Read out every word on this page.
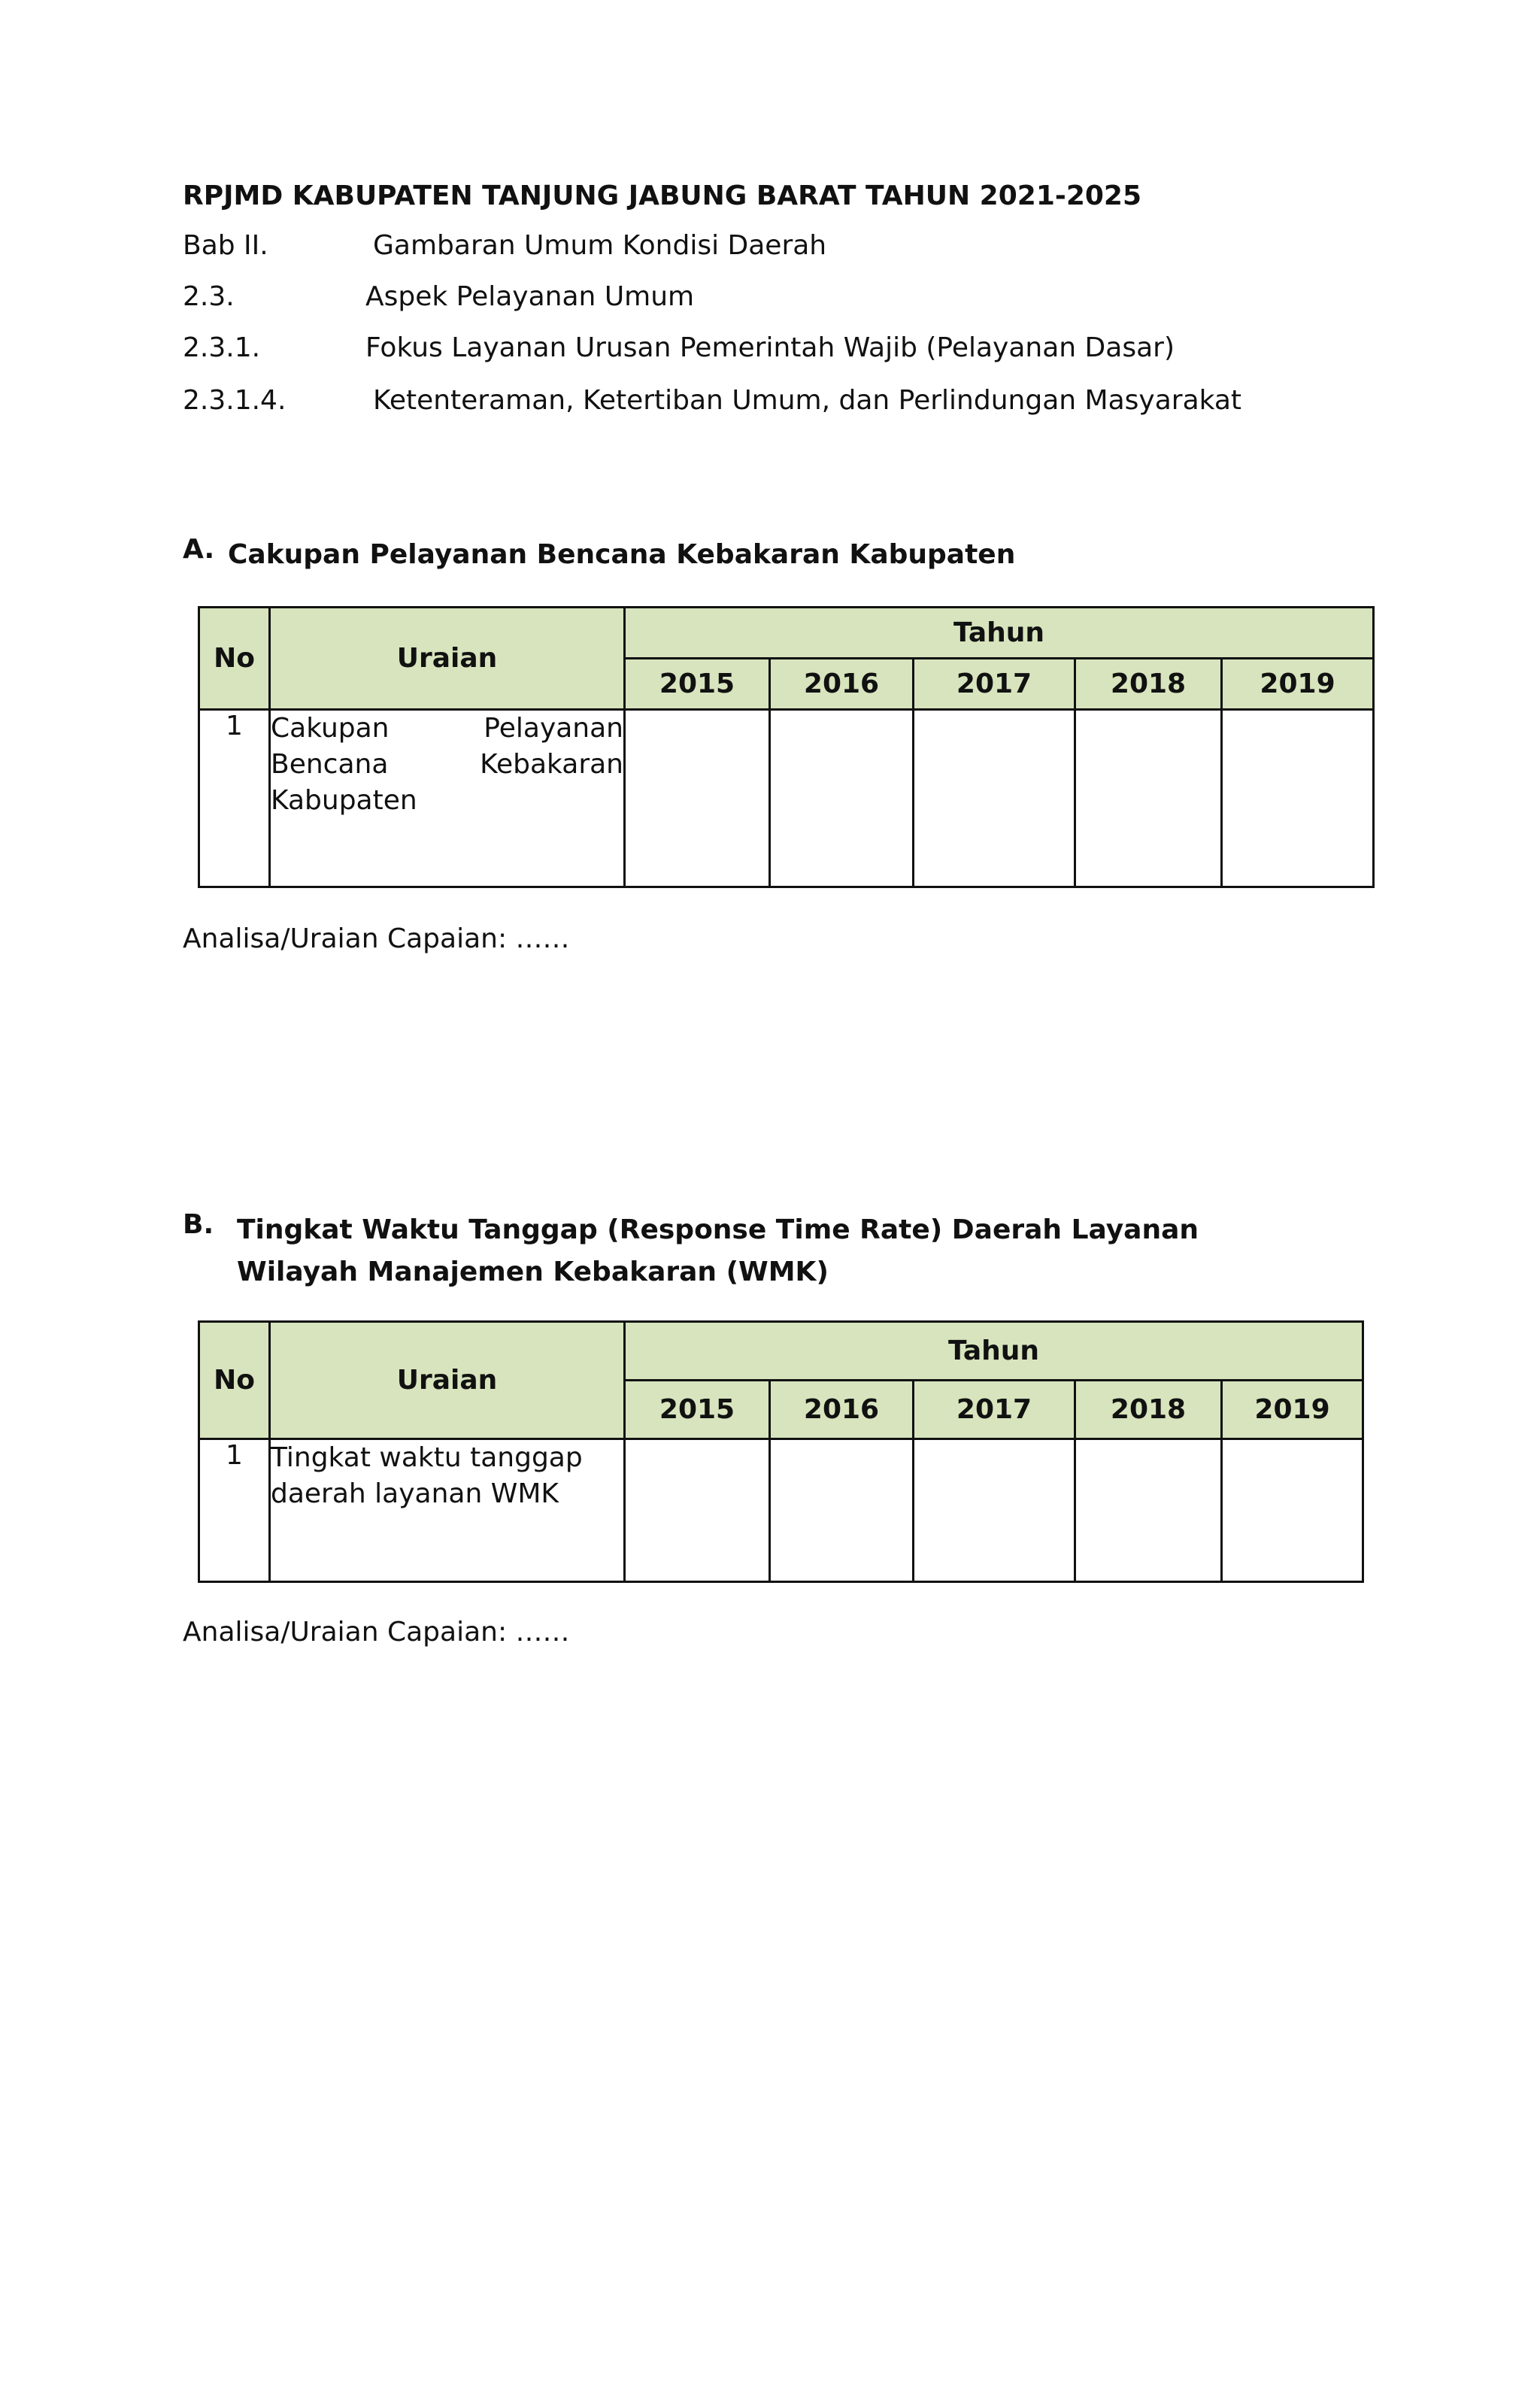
RPJMD KABUPATEN TANJUNG JABUNG BARAT TAHUN 2021-2025
Bab II.	Gambaran Umum Kondisi Daerah
2.3.	Aspek Pelayanan Umum
2.3.1.	Fokus Layanan Urusan Pemerintah Wajib (Pelayanan Dasar)
2.3.1.4.	Ketenteraman, Ketertiban Umum, dan Perlindungan Masyarakat
A. Cakupan Pelayanan Bencana Kebakaran Kabupaten
No	Uraian	Tahun				
		2015	2016	2017	2018	2019
1	Cakupan Pelayanan Bencana Kebakaran Kabupaten					
Analisa/Uraian Capaian: ……
B. Tingkat Waktu Tanggap (Response Time Rate) Daerah Layanan Wilayah Manajemen Kebakaran (WMK)
No	Uraian	Tahun				
		2015	2016	2017	2018	2019
1	Tingkat waktu tanggap daerah layanan WMK					
Analisa/Uraian Capaian: ……
